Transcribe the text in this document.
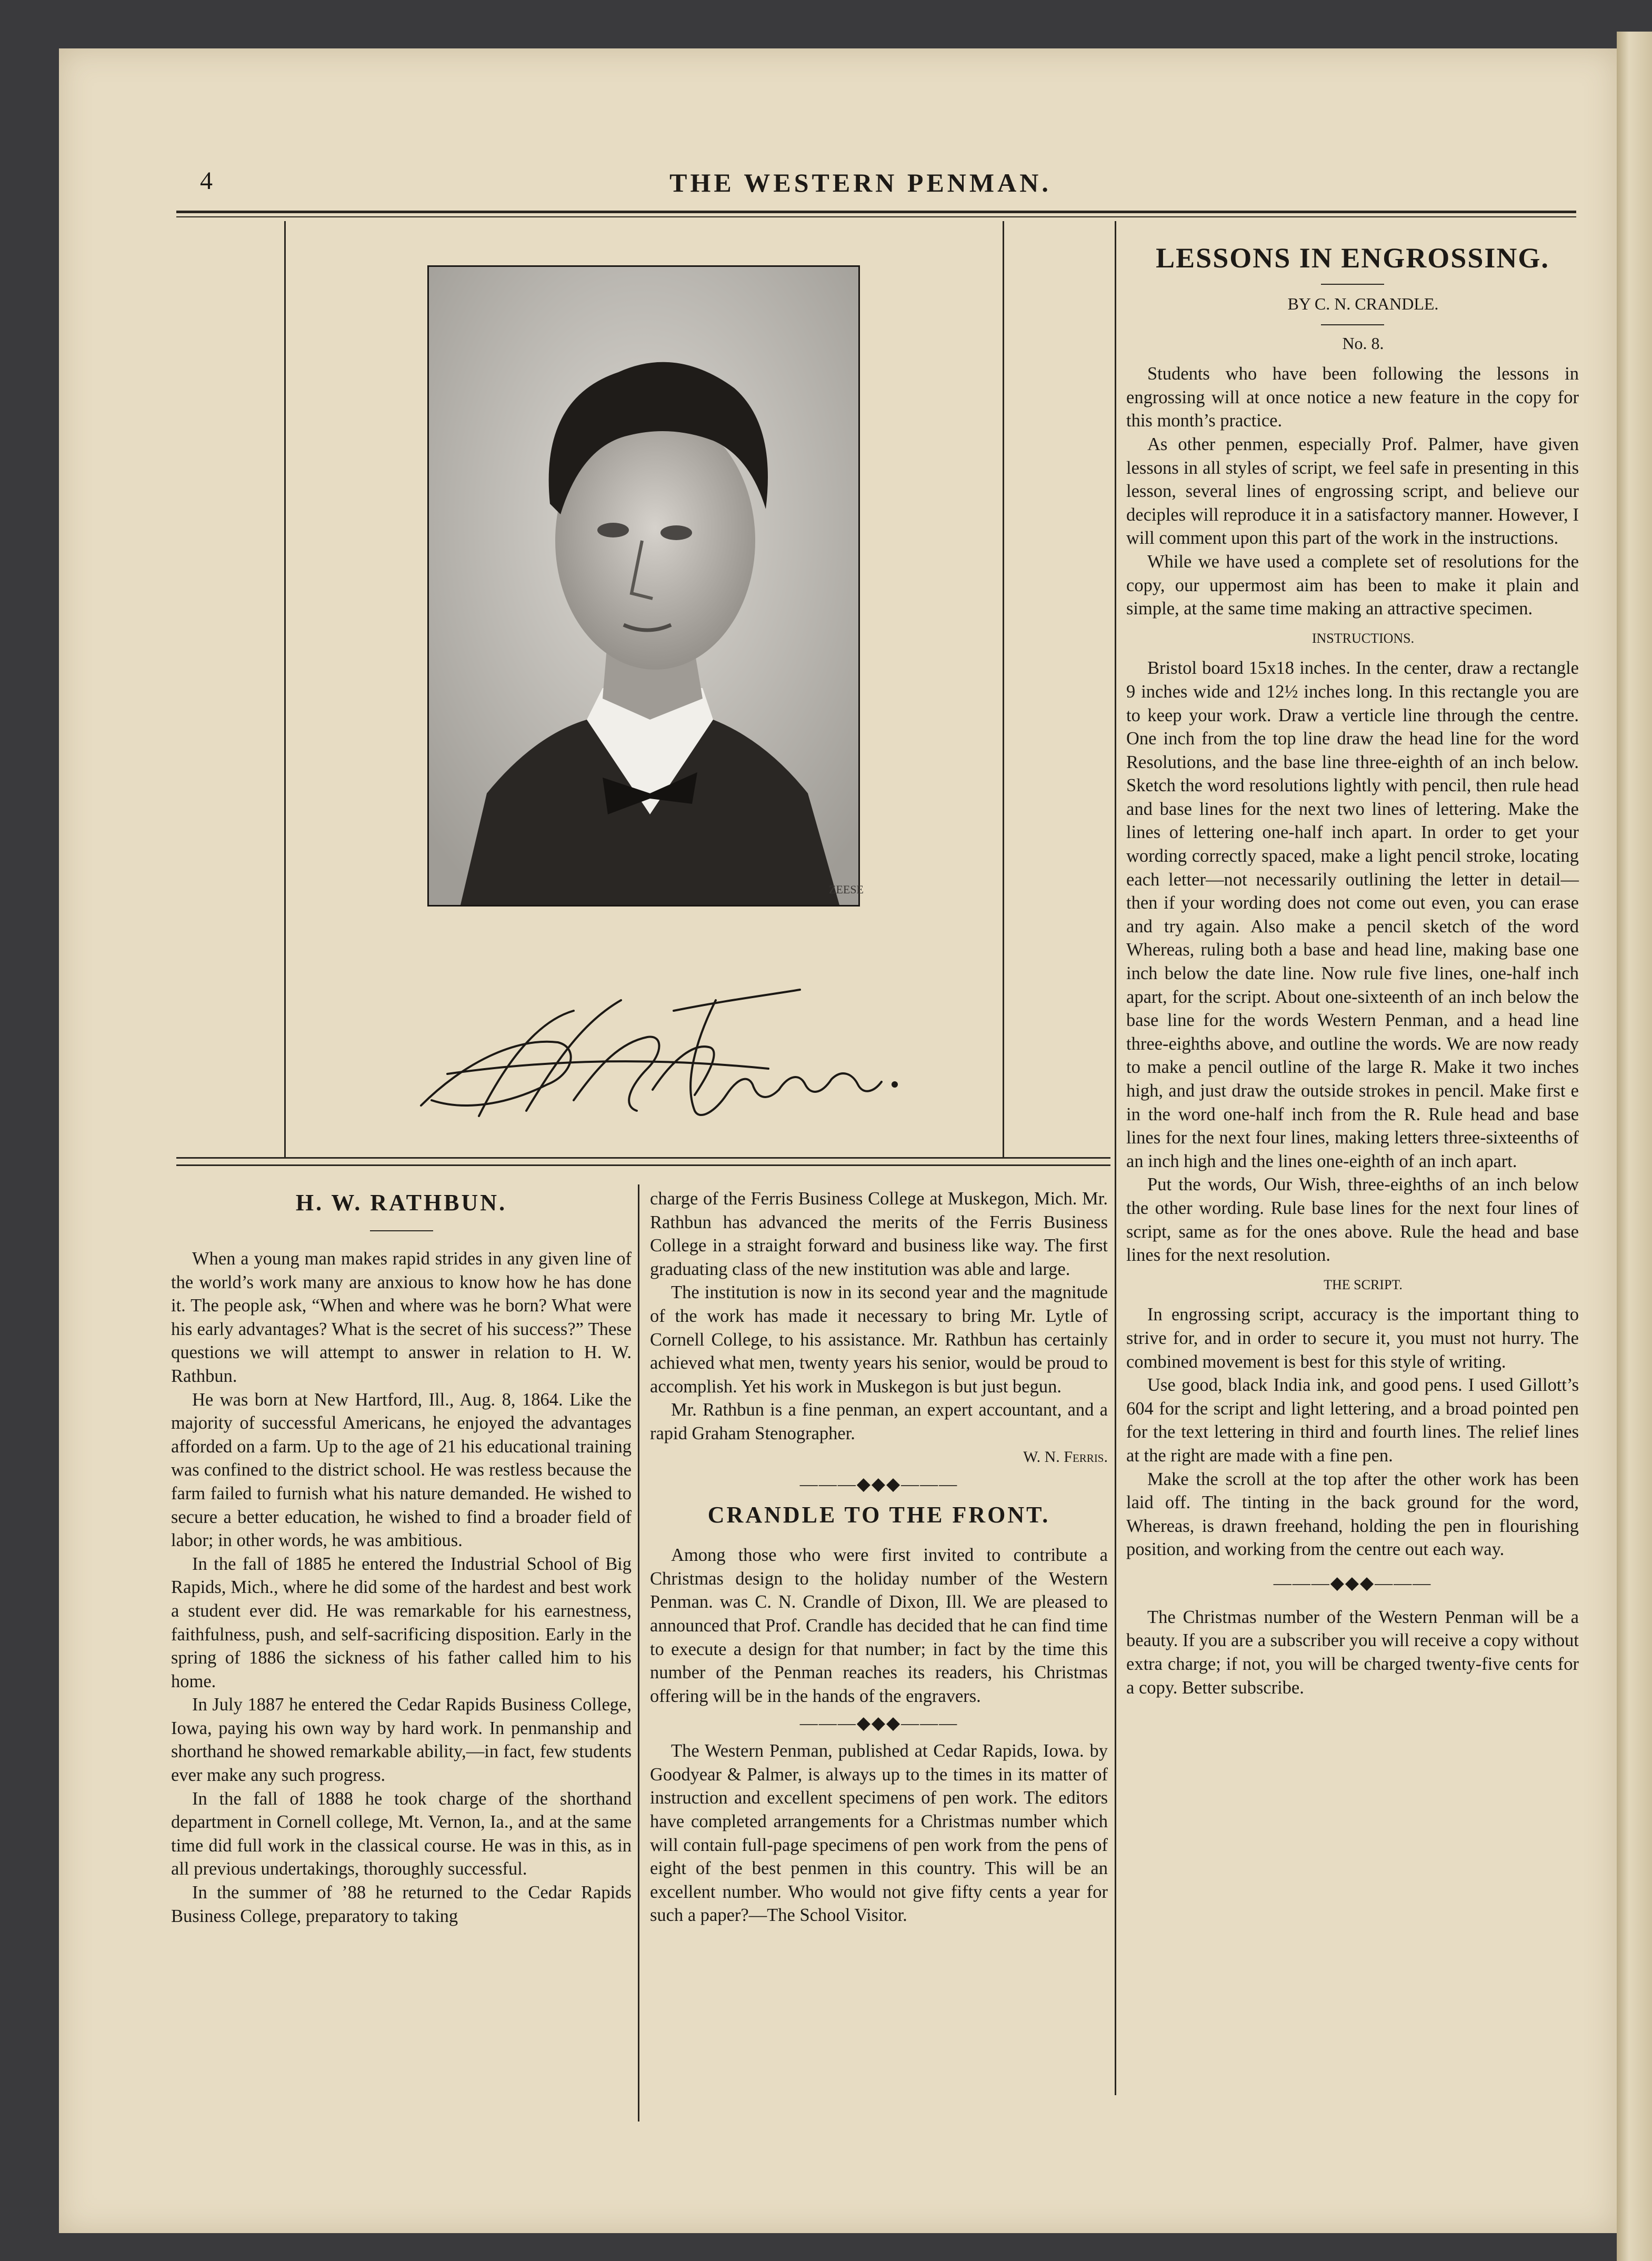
4	THE WESTERN PENMAN.
ZEESE
H. W. RATHBUN.

When a young man makes rapid strides in any given line of the world’s work many are anxious to know how he has done it. The people ask, “When and where was he born? What were his early advantages? What is the secret of his success?” These questions we will attempt to answer in relation to H. W. Rathbun.

He was born at New Hartford, Ill., Aug. 8, 1864. Like the majority of successful Americans, he enjoyed the advantages afforded on a farm. Up to the age of 21 his educational training was confined to the district school. He was restless because the farm failed to furnish what his nature demanded. He wished to secure a better education, he wished to find a broader field of labor; in other words, he was ambitious.

In the fall of 1885 he entered the Industrial School of Big Rapids, Mich., where he did some of the hardest and best work a student ever did. He was remarkable for his earnestness, faithfulness, push, and self-sacrificing disposition. Early in the spring of 1886 the sickness of his father called him to his home.

In July 1887 he entered the Cedar Rapids Business College, Iowa, paying his own way by hard work. In penmanship and shorthand he showed remarkable ability,—in fact, few students ever make any such progress.

In the fall of 1888 he took charge of the shorthand department in Cornell college, Mt. Vernon, Ia., and at the same time did full work in the classical course. He was in this, as in all previous undertakings, thoroughly successful.

In the summer of ’88 he returned to the Cedar Rapids Business College, preparatory to taking

charge of the Ferris Business College at Muskegon, Mich. Mr. Rathbun has advanced the merits of the Ferris Business College in a straight forward and business like way. The first graduating class of the new institution was able and large.

The institution is now in its second year and the magnitude of the work has made it necessary to bring Mr. Lytle of Cornell College, to his assistance. Mr. Rathbun has certainly achieved what men, twenty years his senior, would be proud to accomplish. Yet his work in Muskegon is but just begun.

Mr. Rathbun is a fine penman, an expert accountant, and a rapid Graham Stenographer.

W. N. Ferris.

———◆◆◆———
CRANDLE TO THE FRONT.

Among those who were first invited to contribute a Christmas design to the holiday number of the Western Penman. was C. N. Crandle of Dixon, Ill. We are pleased to announced that Prof. Crandle has decided that he can find time to execute a design for that number; in fact by the time this number of the Penman reaches its readers, his Christmas offering will be in the hands of the engravers.

———◆◆◆———

The Western Penman, published at Cedar Rapids, Iowa. by Goodyear & Palmer, is always up to the times in its matter of instruction and excellent specimens of pen work. The editors have completed arrangements for a Christmas number which will contain full-page specimens of pen work from the pens of eight of the best penmen in this country. This will be an excellent number. Who would not give fifty cents a year for such a paper?—The School Visitor.

LESSONS IN ENGROSSING.

BY C. N. CRANDLE.

No. 8.

Students who have been following the lessons in engrossing will at once notice a new feature in the copy for this month’s practice.

As other penmen, especially Prof. Palmer, have given lessons in all styles of script, we feel safe in presenting in this lesson, several lines of engrossing script, and believe our deciples will reproduce it in a satisfactory manner. However, I will comment upon this part of the work in the instructions.

While we have used a complete set of resolutions for the copy, our uppermost aim has been to make it plain and simple, at the same time making an attractive specimen.

INSTRUCTIONS.

Bristol board 15x18 inches. In the center, draw a rectangle 9 inches wide and 12½ inches long. In this rectangle you are to keep your work. Draw a verticle line through the centre. One inch from the top line draw the head line for the word Resolutions, and the base line three-eighth of an inch below. Sketch the word resolutions lightly with pencil, then rule head and base lines for the next two lines of lettering. Make the lines of lettering one-half inch apart. In order to get your wording correctly spaced, make a light pencil stroke, locating each letter—not necessarily outlining the letter in detail—then if your wording does not come out even, you can erase and try again. Also make a pencil sketch of the word Whereas, ruling both a base and head line, making base one inch below the date line. Now rule five lines, one-half inch apart, for the script. About one-sixteenth of an inch below the base line for the words Western Penman, and a head line three-eighths above, and outline the words. We are now ready to make a pencil outline of the large R. Make it two inches high, and just draw the outside strokes in pencil. Make first e in the word one-half inch from the R. Rule head and base lines for the next four lines, making letters three-sixteenths of an inch high and the lines one-eighth of an inch apart.

Put the words, Our Wish, three-eighths of an inch below the other wording. Rule base lines for the next four lines of script, same as for the ones above. Rule the head and base lines for the next resolution.

THE SCRIPT.

In engrossing script, accuracy is the important thing to strive for, and in order to secure it, you must not hurry. The combined movement is best for this style of writing.

Use good, black India ink, and good pens. I used Gillott’s 604 for the script and light lettering, and a broad pointed pen for the text lettering in third and fourth lines. The relief lines at the right are made with a fine pen.

Make the scroll at the top after the other work has been laid off. The tinting in the back ground for the word, Whereas, is drawn freehand, holding the pen in flourishing position, and working from the centre out each way.

———◆◆◆———

The Christmas number of the Western Penman will be a beauty. If you are a subscriber you will receive a copy without extra charge; if not, you will be charged twenty-five cents for a copy. Better subscribe.
